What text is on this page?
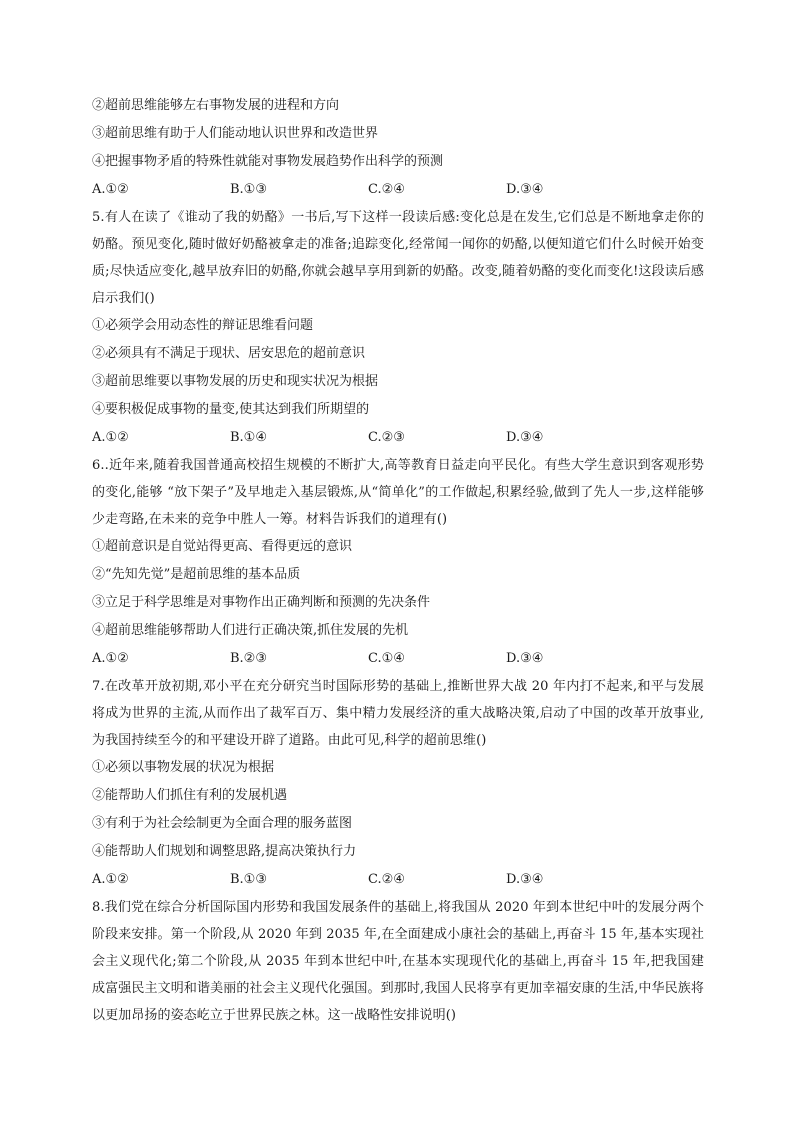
②超前思维能够左右事物发展的进程和方向
③超前思维有助于人们能动地认识世界和改造世界
④把握事物矛盾的特殊性就能对事物发展趋势作出科学的预测
A.①②	B.①③	C.②④	D.③④
5.有人在读了《谁动了我的奶酪》一书后,写下这样一段读后感:变化总是在发生,它们总是不断地拿走你的奶酪。预见变化,随时做好奶酪被拿走的准备;追踪变化,经常闻一闻你的奶酪,以便知道它们什么时候开始变质;尽快适应变化,越早放弃旧的奶酪,你就会越早享用到新的奶酪。改变,随着奶酪的变化而变化!这段读后感启示我们()
①必须学会用动态性的辩证思维看问题
②必须具有不满足于现状、居安思危的超前意识
③超前思维要以事物发展的历史和现实状况为根据
④要积极促成事物的量变,使其达到我们所期望的
A.①②	B.①④	C.②③	D.③④
6..近年来,随着我国普通高校招生规模的不断扩大,高等教育日益走向平民化。有些大学生意识到客观形势的变化,能够 “放下架子”及早地走入基层锻炼,从“简单化”的工作做起,积累经验,做到了先人一步,这样能够少走弯路,在未来的竞争中胜人一筹。材料告诉我们的道理有()
①超前意识是自觉站得更高、看得更远的意识
②“先知先觉”是超前思维的基本品质
③立足于科学思维是对事物作出正确判断和预测的先决条件
④超前思维能够帮助人们进行正确决策,抓住发展的先机
A.①②	B.②③	C.①④	D.③④
7.在改革开放初期,邓小平在充分研究当时国际形势的基础上,推断世界大战 20 年内打不起来,和平与发展将成为世界的主流,从而作出了裁军百万、集中精力发展经济的重大战略决策,启动了中国的改革开放事业,为我国持续至今的和平建设开辟了道路。由此可见,科学的超前思维()
①必须以事物发展的状况为根据
②能帮助人们抓住有利的发展机遇
③有利于为社会绘制更为全面合理的服务蓝图
④能帮助人们规划和调整思路,提高决策执行力
A.①②	B.①③	C.②④	D.③④
8.我们党在综合分析国际国内形势和我国发展条件的基础上,将我国从 2020 年到本世纪中叶的发展分两个阶段来安排。第一个阶段,从 2020 年到 2035 年,在全面建成小康社会的基础上,再奋斗 15 年,基本实现社会主义现代化;第二个阶段,从 2035 年到本世纪中叶,在基本实现现代化的基础上,再奋斗 15 年,把我国建成富强民主文明和谐美丽的社会主义现代化强国。到那时,我国人民将享有更加幸福安康的生活,中华民族将以更加昂扬的姿态屹立于世界民族之林。这一战略性安排说明()
